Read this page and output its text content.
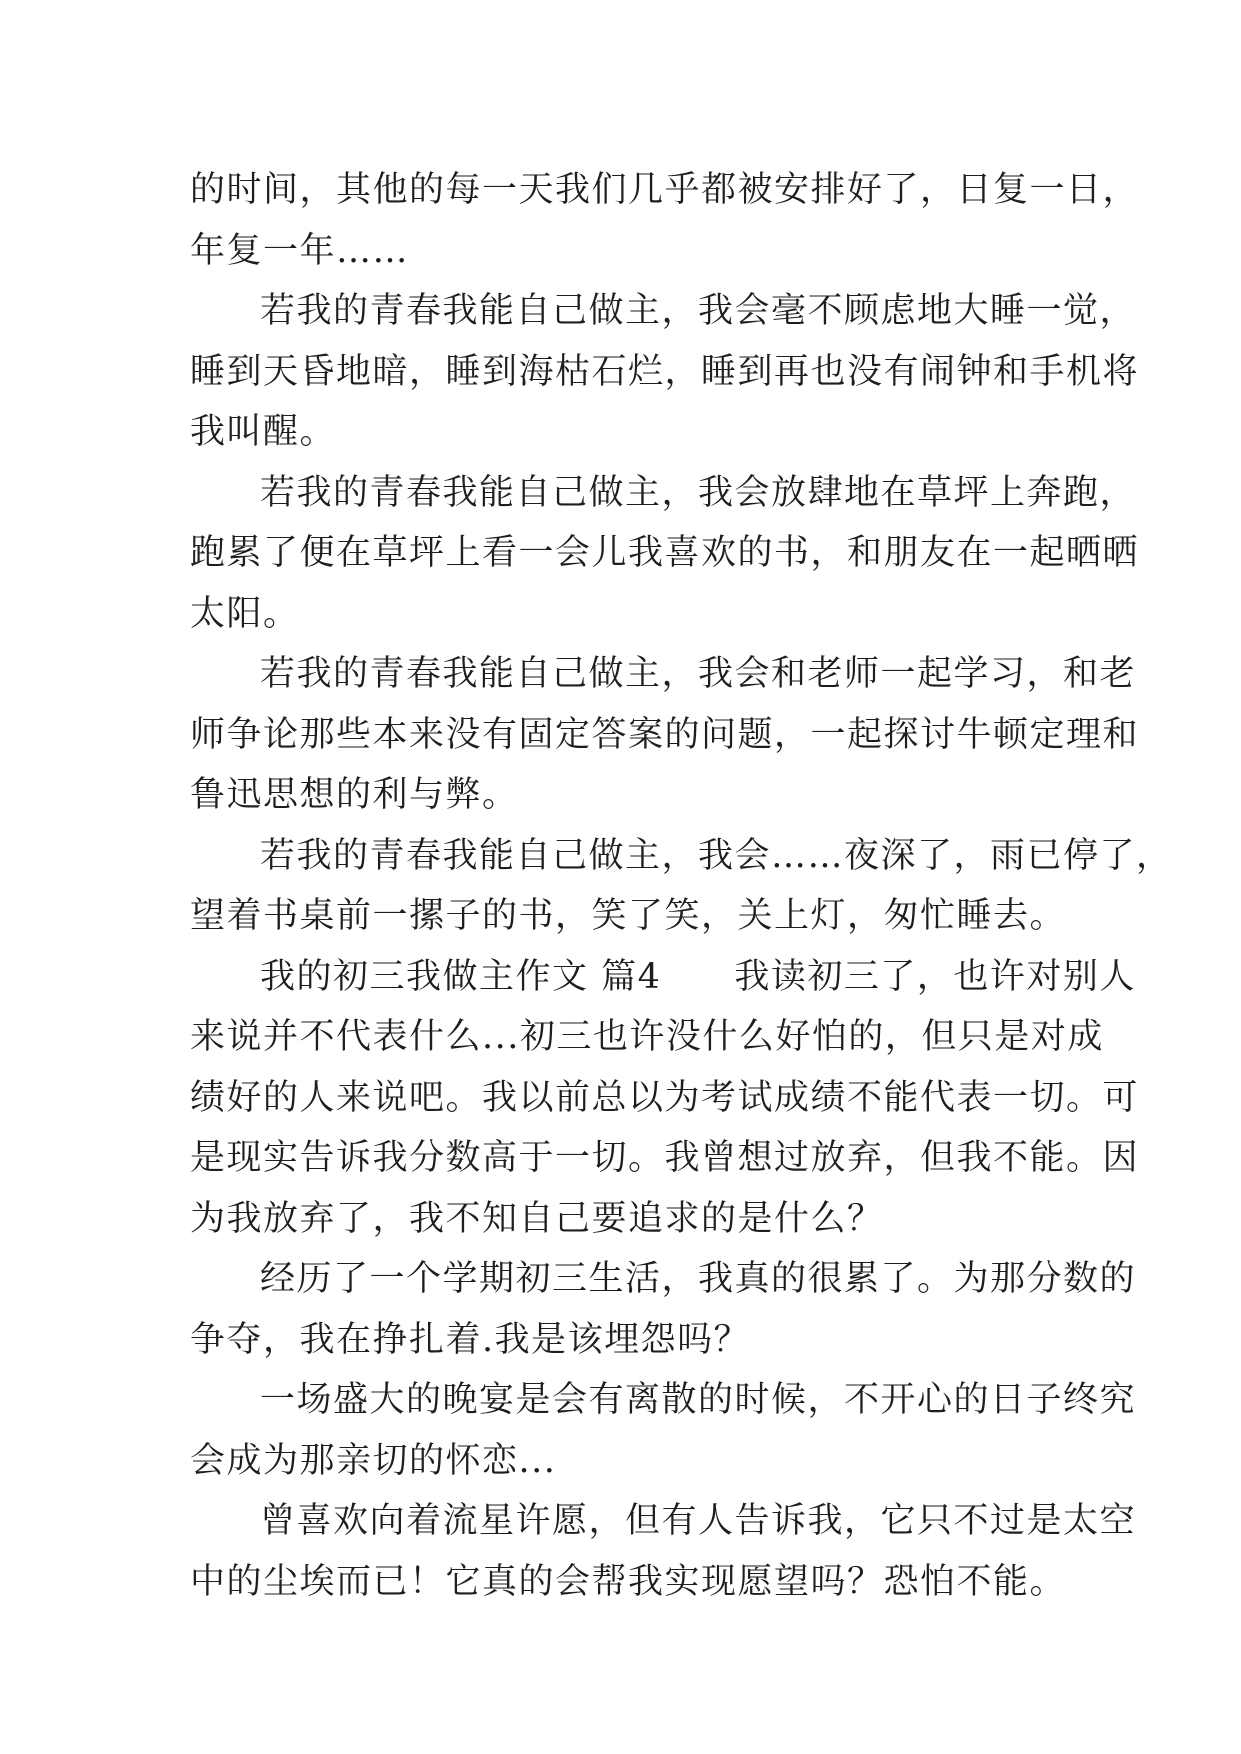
的时间，其他的每一天我们几乎都被安排好了，日复一日，
年复一年……
若我的青春我能自己做主，我会毫不顾虑地大睡一觉，
睡到天昏地暗，睡到海枯石烂，睡到再也没有闹钟和手机将
我叫醒。
若我的青春我能自己做主，我会放肆地在草坪上奔跑，
跑累了便在草坪上看一会儿我喜欢的书，和朋友在一起晒晒
太阳。
若我的青春我能自己做主，我会和老师一起学习，和老
师争论那些本来没有固定答案的问题，一起探讨牛顿定理和
鲁迅思想的利与弊。
若我的青春我能自己做主，我会……夜深了，雨已停了，
望着书桌前一摞子的书，笑了笑，关上灯，匆忙睡去。
我的初三我做主作文 篇4　　我读初三了，也许对别人
来说并不代表什么...初三也许没什么好怕的，但只是对成
绩好的人来说吧。我以前总以为考试成绩不能代表一切。可
是现实告诉我分数高于一切。我曾想过放弃，但我不能。因
为我放弃了，我不知自己要追求的是什么？
经历了一个学期初三生活，我真的很累了。为那分数的
争夺，我在挣扎着.我是该埋怨吗？
一场盛大的晚宴是会有离散的时候，不开心的日子终究
会成为那亲切的怀恋...
曾喜欢向着流星许愿，但有人告诉我，它只不过是太空
中的尘埃而已！它真的会帮我实现愿望吗？恐怕不能。
